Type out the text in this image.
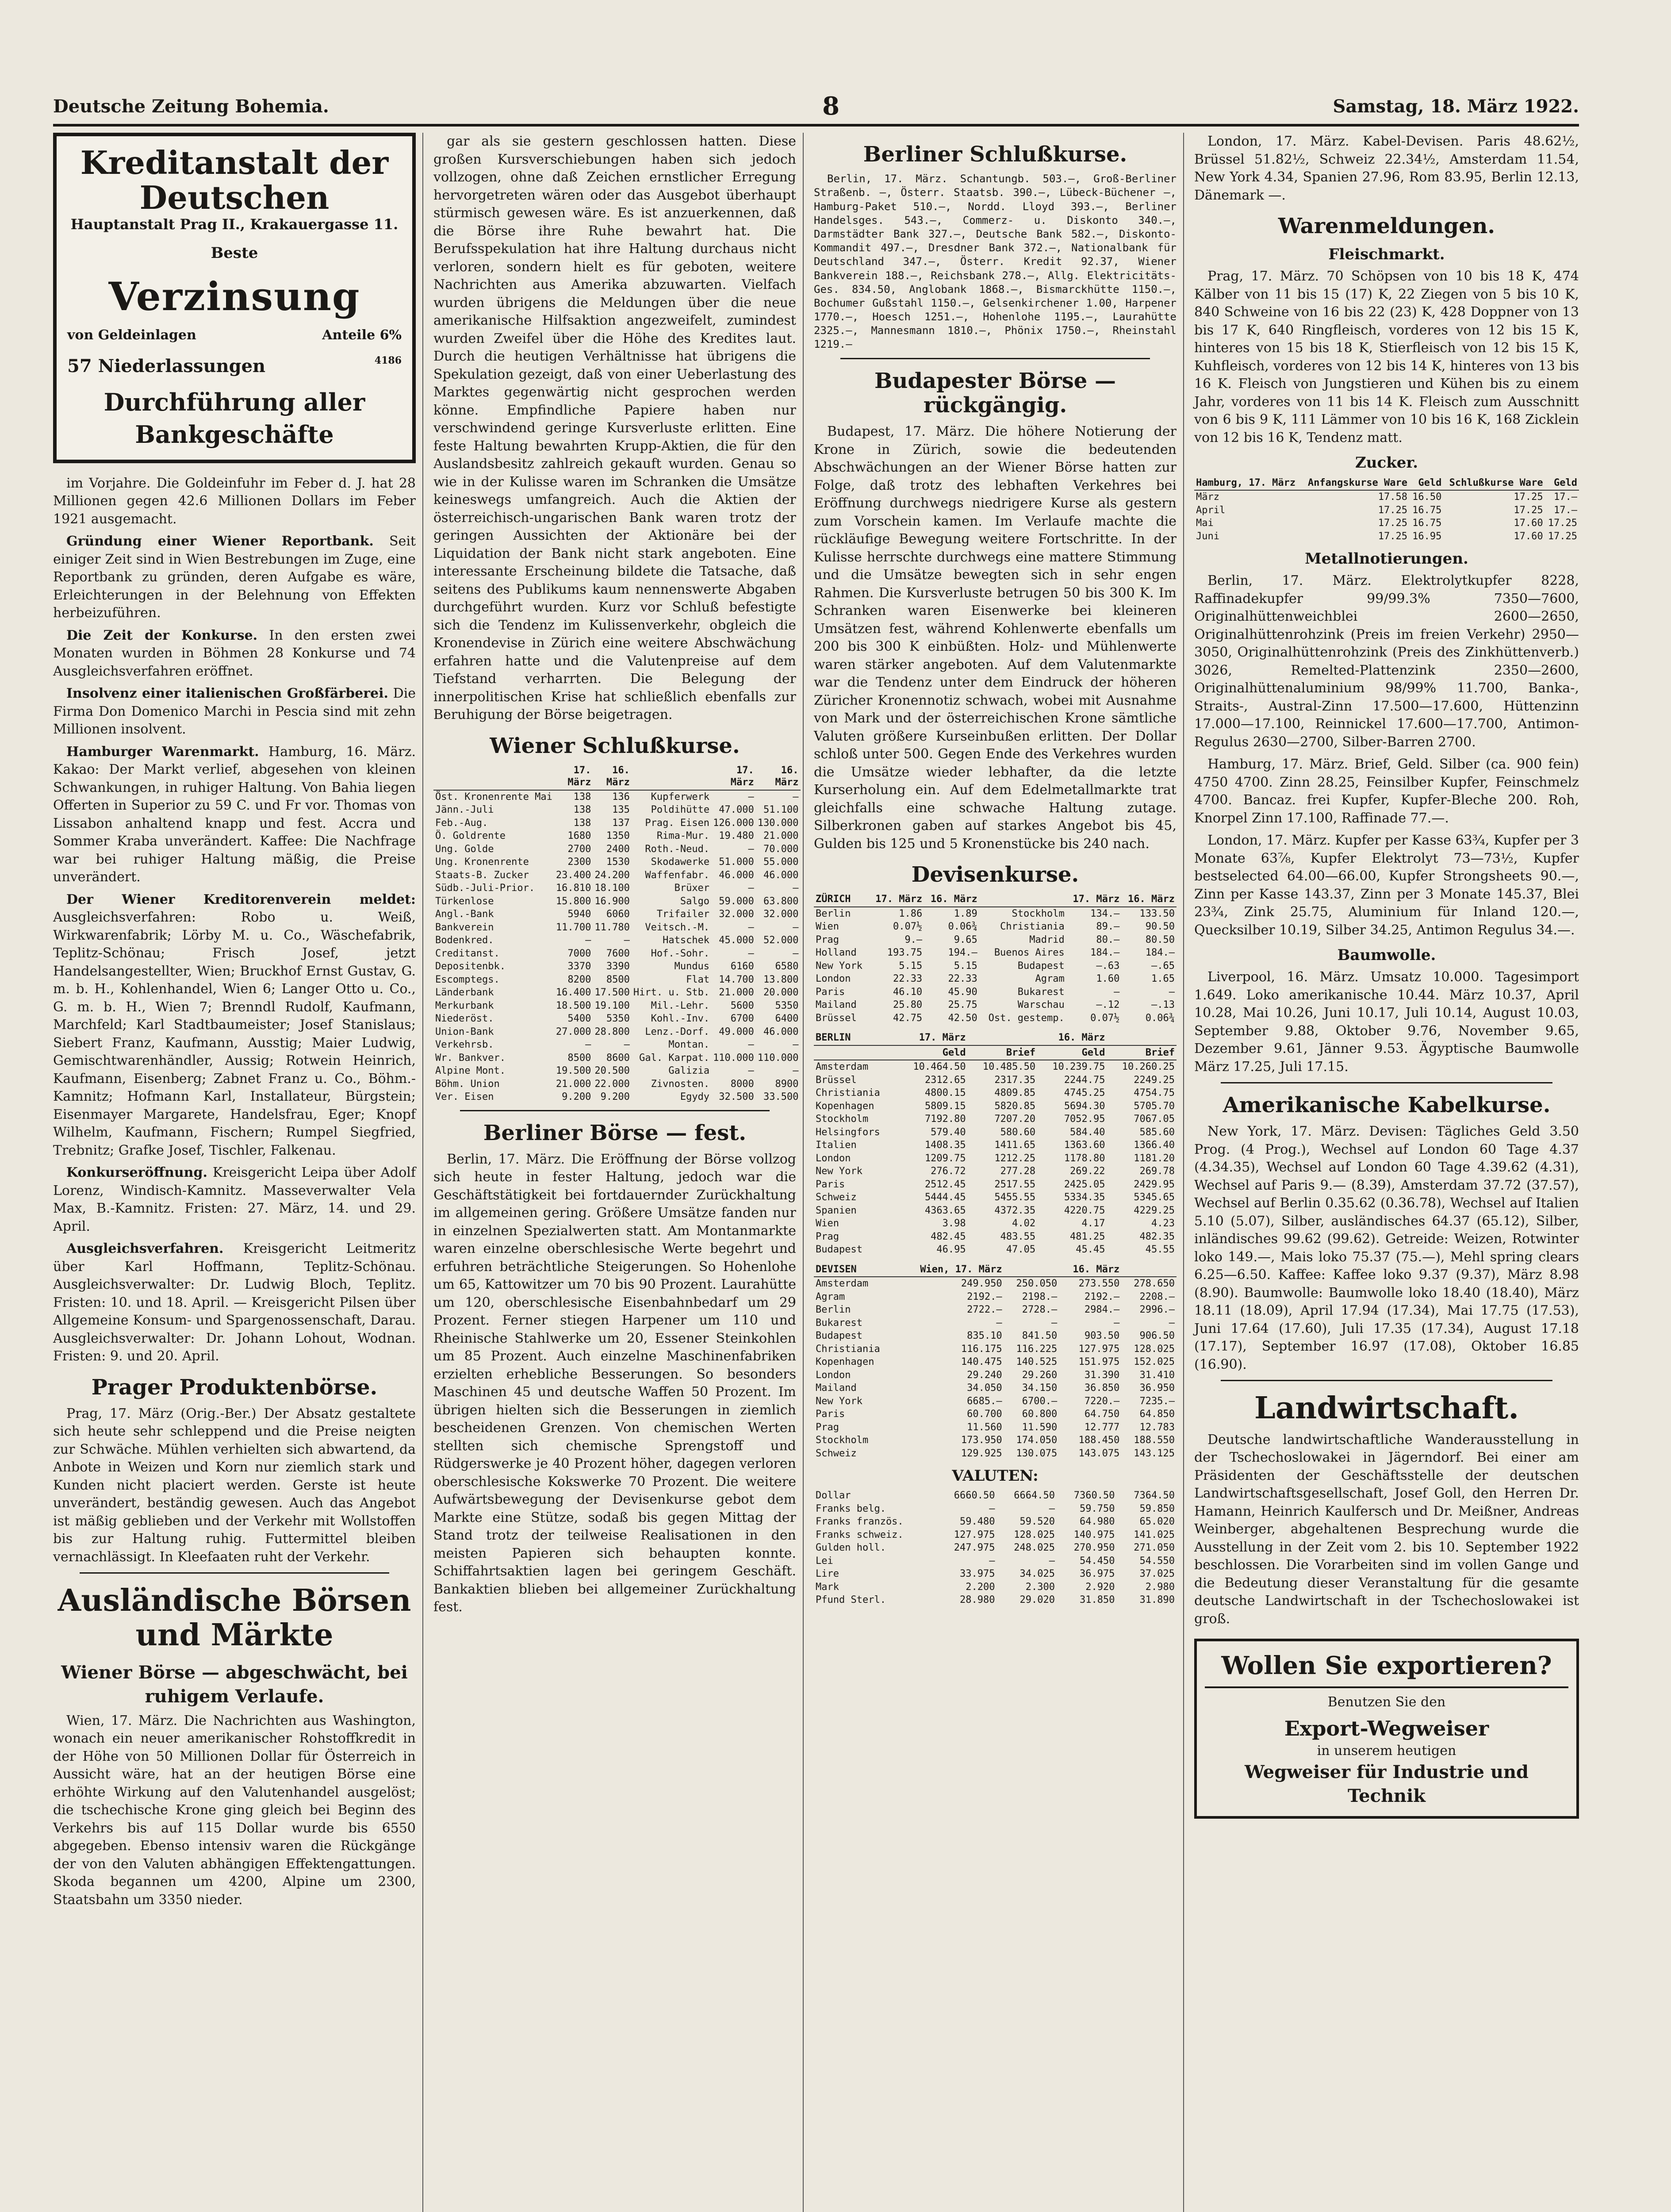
Deutsche Zeitung Bohemia.	8	Samstag, 18. März 1922.
Kreditanstalt der Deutschen
Hauptanstalt Prag II., Krakauergasse 11.
Beste
Verzinsung
von Geldeinlagen	Anteile 6%
57 Niederlassungen	4186
Durchführung aller Bankgeschäfte

im Vorjahre. Die Goldeinfuhr im Feber d. J. hat 28 Millionen gegen 42.6 Millionen Dollars im Feber 1921 ausgemacht.

Gründung einer Wiener Reportbank. Seit einiger Zeit sind in Wien Bestrebungen im Zuge, eine Reportbank zu gründen, deren Aufgabe es wäre, Erleichterungen in der Belehnung von Effekten herbeizuführen.

Die Zeit der Konkurse. In den ersten zwei Monaten wurden in Böhmen 28 Konkurse und 74 Ausgleichsverfahren eröffnet.

Insolvenz einer italienischen Großfärberei. Die Firma Don Domenico Marchi in Pescia sind mit zehn Millionen insolvent.

Hamburger Warenmarkt. Hamburg, 16. März. Kakao: Der Markt verlief, abgesehen von kleinen Schwankungen, in ruhiger Haltung. Von Bahia liegen Offerten in Superior zu 59 C. und Fr vor. Thomas von Lissabon anhaltend knapp und fest. Accra und Sommer Kraba unverändert. Kaffee: Die Nachfrage war bei ruhiger Haltung mäßig, die Preise unverändert.

Der Wiener Kreditorenverein meldet: Ausgleichsverfahren: Robo u. Weiß, Wirkwarenfabrik; Lörby M. u. Co., Wäschefabrik, Teplitz-Schönau; Frisch Josef, jetzt Handelsangestellter, Wien; Bruckhof Ernst Gustav, G. m. b. H., Kohlenhandel, Wien 6; Langer Otto u. Co., G. m. b. H., Wien 7; Brenndl Rudolf, Kaufmann, Marchfeld; Karl Stadtbaumeister; Josef Stanislaus; Siebert Franz, Kaufmann, Ausstig; Maier Ludwig, Gemischtwarenhändler, Aussig; Rotwein Heinrich, Kaufmann, Eisenberg; Zabnet Franz u. Co., Böhm.-Kamnitz; Hofmann Karl, Installateur, Bürgstein; Eisenmayer Margarete, Handelsfrau, Eger; Knopf Wilhelm, Kaufmann, Fischern; Rumpel Siegfried, Trebnitz; Grafke Josef, Tischler, Falkenau.

Konkurseröffnung. Kreisgericht Leipa über Adolf Lorenz, Windisch-Kamnitz. Masseverwalter Vela Max, B.-Kamnitz. Fristen: 27. März, 14. und 29. April.

Ausgleichsverfahren. Kreisgericht Leitmeritz über Karl Hoffmann, Teplitz-Schönau. Ausgleichsverwalter: Dr. Ludwig Bloch, Teplitz. Fristen: 10. und 18. April. — Kreisgericht Pilsen über Allgemeine Konsum- und Spargenossenschaft, Darau. Ausgleichsverwalter: Dr. Johann Lohout, Wodnan. Fristen: 9. und 20. April.

Prager Produktenbörse.

Prag, 17. März (Orig.-Ber.) Der Absatz gestaltete sich heute sehr schleppend und die Preise neigten zur Schwäche. Mühlen verhielten sich abwartend, da Anbote in Weizen und Korn nur ziemlich stark und Kunden nicht placiert werden. Gerste ist heute unverändert, beständig gewesen. Auch das Angebot ist mäßig geblieben und der Verkehr mit Wollstoffen bis zur Haltung ruhig. Futtermittel bleiben vernachlässigt. In Kleefaaten ruht der Verkehr.

Ausländische Börsen und Märkte
Wiener Börse — abgeschwächt, bei ruhigem Verlaufe.

Wien, 17. März. Die Nachrichten aus Washington, wonach ein neuer amerikanischer Rohstoffkredit in der Höhe von 50 Millionen Dollar für Österreich in Aussicht wäre, hat an der heutigen Börse eine erhöhte Wirkung auf den Valutenhandel ausgelöst; die tschechische Krone ging gleich bei Beginn des Verkehrs bis auf 115 Dollar wurde bis 6550 abgegeben. Ebenso intensiv waren die Rückgänge der von den Valuten abhängigen Effektengattungen. Skoda begannen um 4200, Alpine um 2300, Staatsbahn um 3350 nieder.

gar als sie gestern geschlossen hatten. Diese großen Kursverschiebungen haben sich jedoch vollzogen, ohne daß Zeichen ernstlicher Erregung hervorgetreten wären oder das Ausgebot überhaupt stürmisch gewesen wäre. Es ist anzuerkennen, daß die Börse ihre Ruhe bewahrt hat. Die Berufsspekulation hat ihre Haltung durchaus nicht verloren, sondern hielt es für geboten, weitere Nachrichten aus Amerika abzuwarten. Vielfach wurden übrigens die Meldungen über die neue amerikanische Hilfsaktion angezweifelt, zumindest wurden Zweifel über die Höhe des Kredites laut. Durch die heutigen Verhältnisse hat übrigens die Spekulation gezeigt, daß von einer Ueberlastung des Marktes gegenwärtig nicht gesprochen werden könne. Empfindliche Papiere haben nur verschwindend geringe Kursverluste erlitten. Eine feste Haltung bewahrten Krupp-Aktien, die für den Auslandsbesitz zahlreich gekauft wurden. Genau so wie in der Kulisse waren im Schranken die Umsätze keineswegs umfangreich. Auch die Aktien der österreichisch-ungarischen Bank waren trotz der geringen Aussichten der Aktionäre bei der Liquidation der Bank nicht stark angeboten. Eine interessante Erscheinung bildete die Tatsache, daß seitens des Publikums kaum nennenswerte Abgaben durchgeführt wurden. Kurz vor Schluß befestigte sich die Tendenz im Kulissenverkehr, obgleich die Kronendevise in Zürich eine weitere Abschwächung erfahren hatte und die Valutenpreise auf dem Tiefstand verharrten. Die Belegung der innerpolitischen Krise hat schließlich ebenfalls zur Beruhigung der Börse beigetragen.

Wiener Schlußkurse.
	17. März	16. März		17. März	16. März
Öst. Kronenrente Mai	138	136	Kupferwerk	—	—
Jänn.-Juli	138	135	Poldihütte	47.000	51.100
Feb.-Aug.	138	137	Prag. Eisen	126.000	130.000
Ö. Goldrente	1680	1350	Rima-Mur.	19.480	21.000
Ung. Golde	2700	2400	Roth.-Neud.	—	70.000
Ung. Kronenrente	2300	1530	Skodawerke	51.000	55.000
Staats-B. Zucker	23.400	24.200	Waffenfabr.	46.000	46.000
Südb.-Juli-Prior.	16.810	18.100	Brüxer	—	—
Türkenlose	15.800	16.900	Salgo	59.000	63.800
Angl.-Bank	5940	6060	Trifailer	32.000	32.000
Bankverein	11.700	11.780	Veitsch.-M.	—	—
Bodenkred.	—	—	Hatschek	45.000	52.000
Creditanst.	7000	7600	Hof.-Sohr.	—	—
Depositenbk.	3370	3390	Mundus	6160	6580
Escomptegs.	8200	8500	Flat	14.700	13.800
Länderbank	16.400	17.500	Hirt. u. Stb.	21.000	20.000
Merkurbank	18.500	19.100	Mil.-Lehr.	5600	5350
Niederöst.	5400	5350	Kohl.-Inv.	6700	6400
Union-Bank	27.000	28.800	Lenz.-Dorf.	49.000	46.000
Verkehrsb.	—	—	Montan.	—	—
Wr. Bankver.	8500	8600	Gal. Karpat.	110.000	110.000
Alpine Mont.	19.500	20.500	Galizia	—	—
Böhm. Union	21.000	22.000	Zivnosten.	8000	8900
Ver. Eisen	9.200	9.200	Egydy	32.500	33.500
Berliner Börse — fest.

Berlin, 17. März. Die Eröffnung der Börse vollzog sich heute in fester Haltung, jedoch war die Geschäftstätigkeit bei fortdauernder Zurückhaltung im allgemeinen gering. Größere Umsätze fanden nur in einzelnen Spezialwerten statt. Am Montanmarkte waren einzelne oberschlesische Werte begehrt und erfuhren beträchtliche Steigerungen. So Hohenlohe um 65, Kattowitzer um 70 bis 90 Prozent. Laurahütte um 120, oberschlesische Eisenbahnbedarf um 29 Prozent. Ferner stiegen Harpener um 110 und Rheinische Stahlwerke um 20, Essener Steinkohlen um 85 Prozent. Auch einzelne Maschinenfabriken erzielten erhebliche Besserungen. So besonders Maschinen 45 und deutsche Waffen 50 Prozent. Im übrigen hielten sich die Besserungen in ziemlich bescheidenen Grenzen. Von chemischen Werten stellten sich chemische Sprengstoff und Rüdgerswerke je 40 Prozent höher, dagegen verloren oberschlesische Kokswerke 70 Prozent. Die weitere Aufwärtsbewegung der Devisenkurse gebot dem Markte eine Stütze, sodaß bis gegen Mittag der Stand trotz der teilweise Realisationen in den meisten Papieren sich behaupten konnte. Schiffahrtsaktien lagen bei geringem Geschäft. Bankaktien blieben bei allgemeiner Zurückhaltung fest.

Berliner Schlußkurse.

Berlin, 17. März. Schantungb. 503.—, Groß-Berliner Straßenb. —, Österr. Staatsb. 390.—, Lübeck-Büchener —, Hamburg-Paket 510.—, Nordd. Lloyd 393.—, Berliner Handelsges. 543.—, Commerz- u. Diskonto 340.—, Darmstädter Bank 327.—, Deutsche Bank 582.—, Diskonto-Kommandit 497.—, Dresdner Bank 372.—, Nationalbank für Deutschland 347.—, Österr. Kredit 92.37, Wiener Bankverein 188.—, Reichsbank 278.—, Allg. Elektricitäts-Ges. 834.50, Anglobank 1868.—, Bismarckhütte 1150.—, Bochumer Gußstahl 1150.—, Gelsenkirchener 1.00, Harpener 1770.—, Hoesch 1251.—, Hohenlohe 1195.—, Laurahütte 2325.—, Mannesmann 1810.—, Phönix 1750.—, Rheinstahl 1219.—

Budapester Börse — rückgängig.

Budapest, 17. März. Die höhere Notierung der Krone in Zürich, sowie die bedeutenden Abschwächungen an der Wiener Börse hatten zur Folge, daß trotz des lebhaften Verkehres bei Eröffnung durchwegs niedrigere Kurse als gestern zum Vorschein kamen. Im Verlaufe machte die rückläufige Bewegung weitere Fortschritte. In der Kulisse herrschte durchwegs eine mattere Stimmung und die Umsätze bewegten sich in sehr engen Rahmen. Die Kursverluste betrugen 50 bis 300 K. Im Schranken waren Eisenwerke bei kleineren Umsätzen fest, während Kohlenwerte ebenfalls um 200 bis 300 K einbüßten. Holz- und Mühlenwerte waren stärker angeboten. Auf dem Valutenmarkte war die Tendenz unter dem Eindruck der höheren Züricher Kronennotiz schwach, wobei mit Ausnahme von Mark und der österreichischen Krone sämtliche Valuten größere Kurseinbußen erlitten. Der Dollar schloß unter 500. Gegen Ende des Verkehres wurden die Umsätze wieder lebhafter, da die letzte Kurserholung ein. Auf dem Edelmetallmarkte trat gleichfalls eine schwache Haltung zutage. Silberkronen gaben auf starkes Angebot bis 45, Gulden bis 125 und 5 Kronenstücke bis 240 nach.

Devisenkurse.
ZÜRICH	17. März	16. März		17. März	16. März
Berlin	1.86	1.89	Stockholm	134.—	133.50
Wien	0.07½	0.06¾	Christiania	89.—	90.50
Prag	9.—	9.65	Madrid	80.—	80.50
Holland	193.75	194.—	Buenos Aires	184.—	184.—
New York	5.15	5.15	Budapest	—.63	—.65
London	22.33	22.33	Agram	1.60	1.65
Paris	46.10	45.90	Bukarest	—	—
Mailand	25.80	25.75	Warschau	—.12	—.13
Brüssel	42.75	42.50	Ost. gestemp.	0.07½	0.06¾
BERLIN	17. März		16. März	
	Geld	Brief	Geld	Brief
Amsterdam	10.464.50	10.485.50	10.239.75	10.260.25
Brüssel	2312.65	2317.35	2244.75	2249.25
Christiania	4800.15	4809.85	4745.25	4754.75
Kopenhagen	5809.15	5820.85	5694.30	5705.70
Stockholm	7192.80	7207.20	7052.95	7067.05
Helsingfors	579.40	580.60	584.40	585.60
Italien	1408.35	1411.65	1363.60	1366.40
London	1209.75	1212.25	1178.80	1181.20
New York	276.72	277.28	269.22	269.78
Paris	2512.45	2517.55	2425.05	2429.95
Schweiz	5444.45	5455.55	5334.35	5345.65
Spanien	4363.65	4372.35	4220.75	4229.25
Wien	3.98	4.02	4.17	4.23
Prag	482.45	483.55	481.25	482.35
Budapest	46.95	47.05	45.45	45.55
DEVISEN	Wien, 17. März		16. März	
Amsterdam	249.950	250.050	273.550	278.650
Agram	2192.—	2198.—	2192.—	2208.—
Berlin	2722.—	2728.—	2984.—	2996.—
Bukarest	—	—	—	—
Budapest	835.10	841.50	903.50	906.50
Christiania	116.175	116.225	127.975	128.025
Kopenhagen	140.475	140.525	151.975	152.025
London	29.240	29.260	31.390	31.410
Mailand	34.050	34.150	36.850	36.950
New York	6685.—	6700.—	7220.—	7235.—
Paris	60.700	60.800	64.750	64.850
Prag	11.560	11.590	12.777	12.783
Stockholm	173.950	174.050	188.450	188.550
Schweiz	129.925	130.075	143.075	143.125
VALUTEN:
Dollar	6660.50	6664.50	7360.50	7364.50
Franks belg.	—	—	59.750	59.850
Franks französ.	59.480	59.520	64.980	65.020
Franks schweiz.	127.975	128.025	140.975	141.025
Gulden holl.	247.975	248.025	270.950	271.050
Lei	—	—	54.450	54.550
Lire	33.975	34.025	36.975	37.025
Mark	2.200	2.300	2.920	2.980
Pfund Sterl.	28.980	29.020	31.850	31.890

London, 17. März. Kabel-Devisen. Paris 48.62½, Brüssel 51.82½, Schweiz 22.34½, Amsterdam 11.54, New York 4.34, Spanien 27.96, Rom 83.95, Berlin 12.13, Dänemark —.

Warenmeldungen.
Fleischmarkt.

Prag, 17. März. 70 Schöpsen von 10 bis 18 K, 474 Kälber von 11 bis 15 (17) K, 22 Ziegen von 5 bis 10 K, 840 Schweine von 16 bis 22 (23) K, 428 Doppner von 13 bis 17 K, 640 Ringfleisch, vorderes von 12 bis 15 K, hinteres von 15 bis 18 K, Stierfleisch von 12 bis 15 K, Kuhfleisch, vorderes von 12 bis 14 K, hinteres von 13 bis 16 K. Fleisch von Jungstieren und Kühen bis zu einem Jahr, vorderes von 11 bis 14 K. Fleisch zum Ausschnitt von 6 bis 9 K, 111 Lämmer von 10 bis 16 K, 168 Zicklein von 12 bis 16 K, Tendenz matt.

Zucker.
Hamburg, 17. März	Anfangskurse Ware	Geld	Schlußkurse Ware	Geld
März	17.58	16.50	17.25	17.—
April	17.25	16.75	17.25	17.—
Mai	17.25	16.75	17.60	17.25
Juni	17.25	16.95	17.60	17.25
Metallnotierungen.

Berlin, 17. März. Elektrolytkupfer 8228, Raffinadekupfer 99/99.3% 7350—7600, Originalhüttenweichblei 2600—2650, Originalhüttenrohzink (Preis im freien Verkehr) 2950—3050, Originalhüttenrohzink (Preis des Zinkhüttenverb.) 3026, Remelted-Plattenzink 2350—2600, Originalhüttenaluminium 98/99% 11.700, Banka-, Straits-, Austral-Zinn 17.500—17.600, Hüttenzinn 17.000—17.100, Reinnickel 17.600—17.700, Antimon-Regulus 2630—2700, Silber-Barren 2700.

Hamburg, 17. März. Brief, Geld. Silber (ca. 900 fein) 4750 4700. Zinn 28.25, Feinsilber Kupfer, Feinschmelz 4700. Bancaz. frei Kupfer, Kupfer-Bleche 200. Roh, Knorpel Zinn 17.100, Raffinade 77.—.

London, 17. März. Kupfer per Kasse 63¾, Kupfer per 3 Monate 63⅞, Kupfer Elektrolyt 73—73½, Kupfer bestselected 64.00—66.00, Kupfer Strongsheets 90.—, Zinn per Kasse 143.37, Zinn per 3 Monate 145.37, Blei 23¾, Zink 25.75, Aluminium für Inland 120.—, Quecksilber 10.19, Silber 34.25, Antimon Regulus 34.—.

Baumwolle.

Liverpool, 16. März. Umsatz 10.000. Tagesimport 1.649. Loko amerikanische 10.44. März 10.37, April 10.28, Mai 10.26, Juni 10.17, Juli 10.14, August 10.03, September 9.88, Oktober 9.76, November 9.65, Dezember 9.61, Jänner 9.53. Ägyptische Baumwolle März 17.25, Juli 17.15.

Amerikanische Kabelkurse.

New York, 17. März. Devisen: Tägliches Geld 3.50 Prog. (4 Prog.), Wechsel auf London 60 Tage 4.37 (4.34.35), Wechsel auf London 60 Tage 4.39.62 (4.31), Wechsel auf Paris 9.— (8.39), Amsterdam 37.72 (37.57), Wechsel auf Berlin 0.35.62 (0.36.78), Wechsel auf Italien 5.10 (5.07), Silber, ausländisches 64.37 (65.12), Silber, inländisches 99.62 (99.62). Getreide: Weizen, Rotwinter loko 149.—, Mais loko 75.37 (75.—), Mehl spring clears 6.25—6.50. Kaffee: Kaffee loko 9.37 (9.37), März 8.98 (8.90). Baumwolle: Baumwolle loko 18.40 (18.40), März 18.11 (18.09), April 17.94 (17.34), Mai 17.75 (17.53), Juni 17.64 (17.60), Juli 17.35 (17.34), August 17.18 (17.17), September 16.97 (17.08), Oktober 16.85 (16.90).

Landwirtschaft.

Deutsche landwirtschaftliche Wanderausstellung in der Tschechoslowakei in Jägerndorf. Bei einer am Präsidenten der Geschäftsstelle der deutschen Landwirtschaftsgesellschaft, Josef Goll, den Herren Dr. Hamann, Heinrich Kaulfersch und Dr. Meißner, Andreas Weinberger, abgehaltenen Besprechung wurde die Ausstellung in der Zeit vom 2. bis 10. September 1922 beschlossen. Die Vorarbeiten sind im vollen Gange und die Bedeutung dieser Veranstaltung für die gesamte deutsche Landwirtschaft in der Tschechoslowakei ist groß.

Wollen Sie exportieren?
Benutzen Sie den
Export-Wegweiser
in unserem heutigen
Wegweiser für Industrie und Technik
